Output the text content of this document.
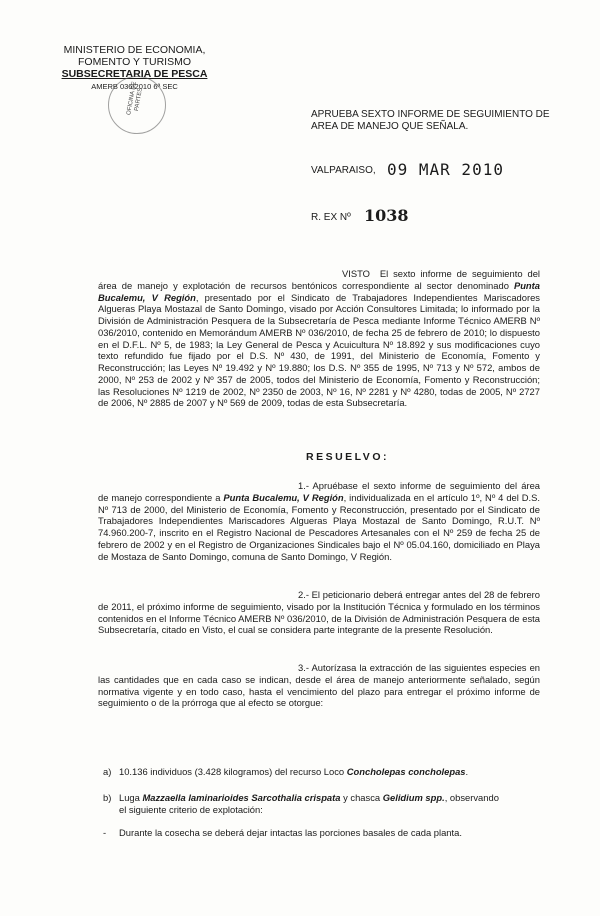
MINISTERIO DE ECONOMIA,
FOMENTO Y TURISMO
SUBSECRETARIA DE PESCA
AMERB 036/2010 6ª SEC
OFICINA DE PARTES
APRUEBA SEXTO INFORME DE SEGUIMIENTO DE AREA DE MANEJO QUE SEÑALA.
VALPARAISO, 09 MAR 2010
R. EX Nº 1038
VISTO El sexto informe de seguimiento del área de manejo y explotación de recursos bentónicos correspondiente al sector denominado Punta Bucalemu, V Región, presentado por el Sindicato de Trabajadores Independientes Mariscadores Algueras Playa Mostazal de Santo Domingo, visado por Acción Consultores Limitada; lo informado por la División de Administración Pesquera de la Subsecretaría de Pesca mediante Informe Técnico AMERB Nº 036/2010, contenido en Memorándum AMERB Nº 036/2010, de fecha 25 de febrero de 2010; lo dispuesto en el D.F.L. Nº 5, de 1983; la Ley General de Pesca y Acuicultura Nº 18.892 y sus modificaciones cuyo texto refundido fue fijado por el D.S. Nº 430, de 1991, del Ministerio de Economía, Fomento y Reconstrucción; las Leyes Nº 19.492 y Nº 19.880; los D.S. Nº 355 de 1995, Nº 713 y Nº 572, ambos de 2000, Nº 253 de 2002 y Nº 357 de 2005, todos del Ministerio de Economía, Fomento y Reconstrucción; las Resoluciones Nº 1219 de 2002, Nº 2350 de 2003, Nº 16, Nº 2281 y Nº 4280, todas de 2005, Nº 2727 de 2006, Nº 2885 de 2007 y Nº 569 de 2009, todas de esta Subsecretaría.
RESUELVO:
1.- Apruébase el sexto informe de seguimiento del área de manejo correspondiente a Punta Bucalemu, V Región, individualizada en el artículo 1º, Nº 4 del D.S. Nº 713 de 2000, del Ministerio de Economía, Fomento y Reconstrucción, presentado por el Sindicato de Trabajadores Independientes Mariscadores Algueras Playa Mostazal de Santo Domingo, R.U.T. Nº 74.960.200-7, inscrito en el Registro Nacional de Pescadores Artesanales con el Nº 259 de fecha 25 de febrero de 2002 y en el Registro de Organizaciones Sindicales bajo el Nº 05.04.160, domiciliado en Playa de Mostaza de Santo Domingo, comuna de Santo Domingo, V Región.
2.- El peticionario deberá entregar antes del 28 de febrero de 2011, el próximo informe de seguimiento, visado por la Institución Técnica y formulado en los términos contenidos en el Informe Técnico AMERB Nº 036/2010, de la División de Administración Pesquera de esta Subsecretaría, citado en Visto, el cual se considera parte integrante de la presente Resolución.
3.- Autorízasa la extracción de las siguientes especies en las cantidades que en cada caso se indican, desde el área de manejo anteriormente señalado, según normativa vigente y en todo caso, hasta el vencimiento del plazo para entregar el próximo informe de seguimiento o de la prórroga que al efecto se otorgue:
a) 10.136 individuos (3.428 kilogramos) del recurso Loco Concholepas concholepas.
b) Luga Mazzaella laminarioides Sarcothalia crispata y chasca Gelidium spp., observando
el siguiente criterio de explotación:
- Durante la cosecha se deberá dejar intactas las porciones basales de cada planta.
